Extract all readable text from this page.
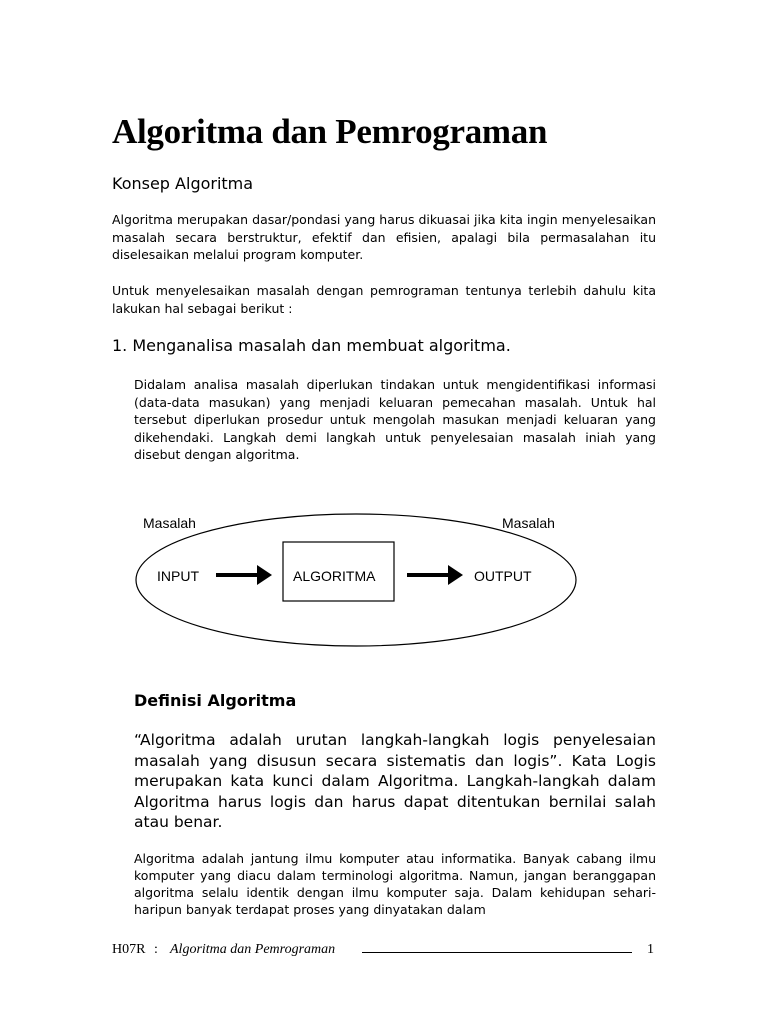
Algoritma dan Pemrograman
Konsep Algoritma

Algoritma merupakan dasar/pondasi yang harus dikuasai jika kita ingin menyelesaikan masalah secara berstruktur, efektif dan efisien, apalagi bila permasalahan itu diselesaikan melalui program komputer.

Untuk menyelesaikan masalah dengan pemrograman tentunya terlebih dahulu kita lakukan hal sebagai berikut :

1. Menganalisa masalah dan membuat algoritma.

Didalam analisa masalah diperlukan tindakan untuk mengidentifikasi informasi (data-data masukan) yang menjadi keluaran pemecahan masalah. Untuk hal tersebut diperlukan prosedur untuk mengolah masukan menjadi keluaran yang dikehendaki. Langkah demi langkah untuk penyelesaian masalah iniah yang disebut dengan algoritma.

Masalah	Masalah
INPUT	ALGORITMA	OUTPUT
Definisi Algoritma

“Algoritma adalah urutan langkah-langkah logis penyelesaian masalah yang disusun secara sistematis dan logis”. Kata Logis merupakan kata kunci dalam Algoritma. Langkah-langkah dalam Algoritma harus logis dan harus dapat ditentukan bernilai salah atau benar.

Algoritma adalah jantung ilmu komputer atau informatika. Banyak cabang ilmu komputer yang diacu dalam terminologi algoritma. Namun, jangan beranggapan algoritma selalu identik dengan ilmu komputer saja. Dalam kehidupan sehari-haripun banyak terdapat proses yang dinyatakan dalam

H07R : Algoritma dan Pemrograman	1
